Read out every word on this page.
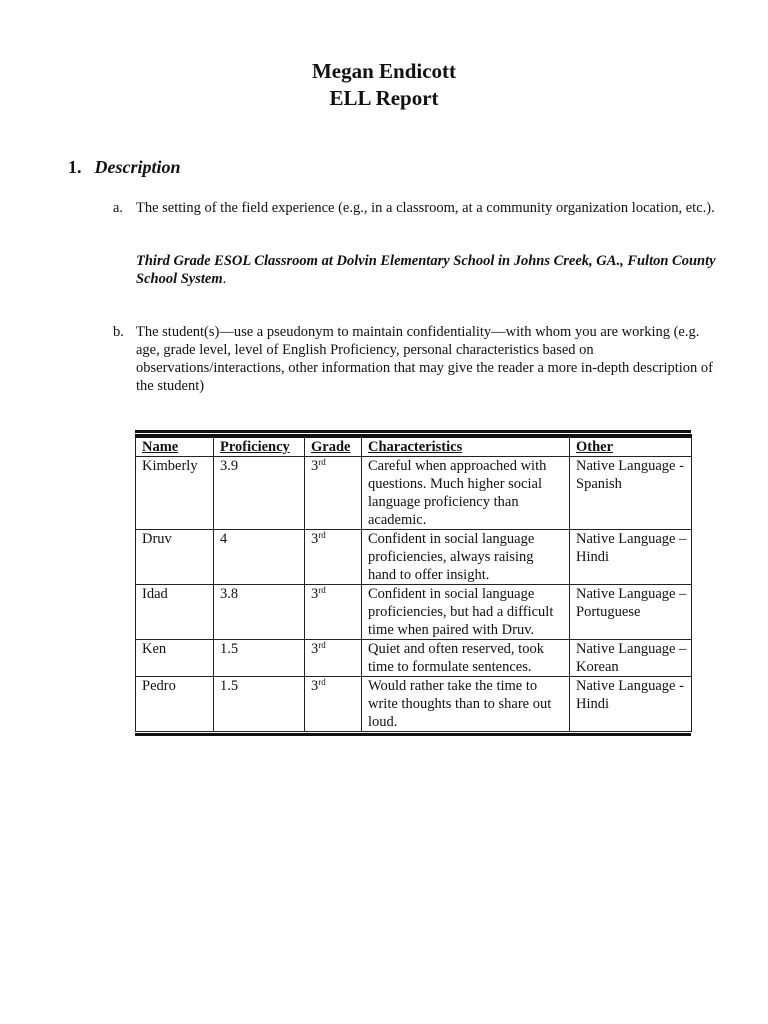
Megan Endicott
ELL Report
1. Description
a. The setting of the field experience (e.g., in a classroom, at a community organization location, etc.).
Third Grade ESOL Classroom at Dolvin Elementary School in Johns Creek, GA., Fulton County School System.
b. The student(s)—use a pseudonym to maintain confidentiality—with whom you are working (e.g. age, grade level, level of English Proficiency, personal characteristics based on observations/interactions, other information that may give the reader a more in-depth description of the student)
Name	Proficiency	Grade	Characteristics	Other
Kimberly	3.9	3rd	Careful when approached with questions. Much higher social language proficiency than academic.	Native Language - Spanish
Druv	4	3rd	Confident in social language proficiencies, always raising hand to offer insight.	Native Language – Hindi
Idad	3.8	3rd	Confident in social language proficiencies, but had a difficult time when paired with Druv.	Native Language – Portuguese
Ken	1.5	3rd	Quiet and often reserved, took time to formulate sentences.	Native Language – Korean
Pedro	1.5	3rd	Would rather take the time to write thoughts than to share out loud.	Native Language - Hindi
